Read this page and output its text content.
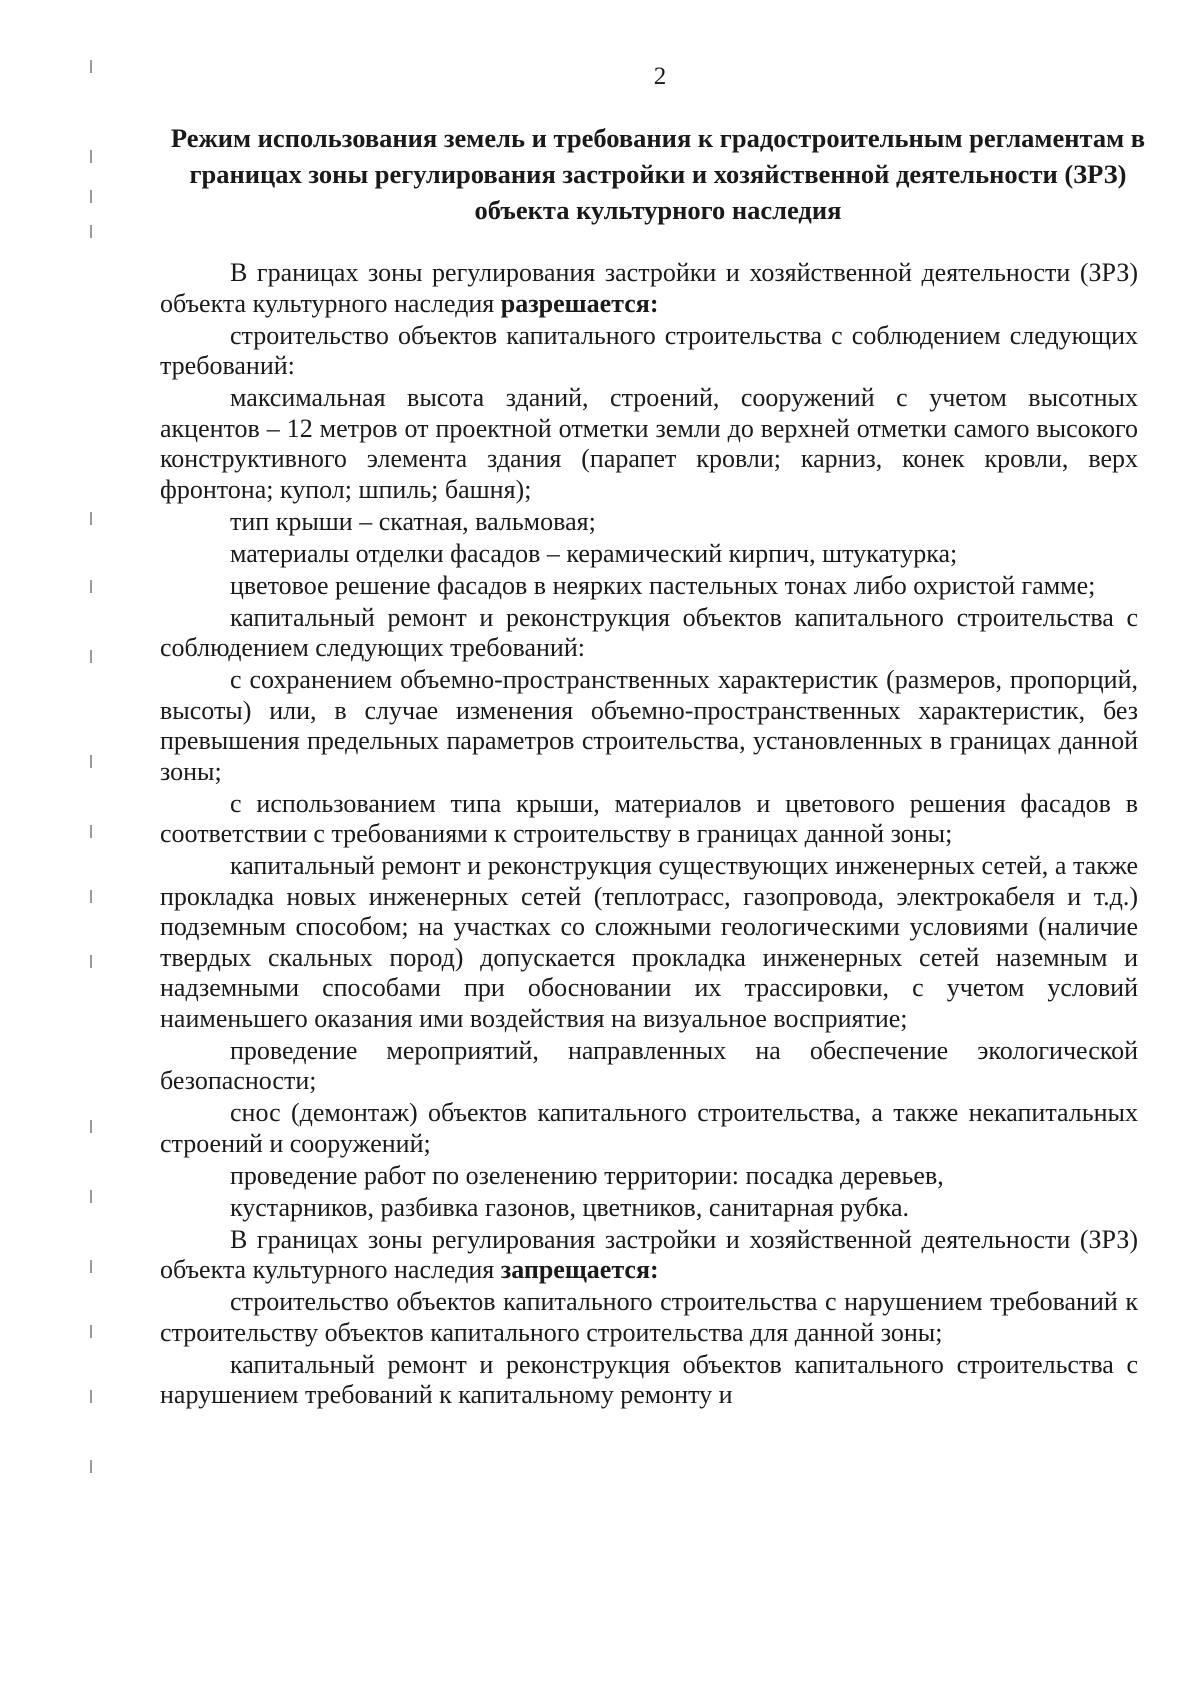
2
Режим использования земель и требования к градостроительным регламентам в границах зоны регулирования застройки и хозяйственной деятельности (ЗРЗ) объекта культурного наследия

В границах зоны регулирования застройки и хозяйственной деятельности (ЗРЗ) объекта культурного наследия разрешается:

строительство объектов капитального строительства с соблюдением следующих требований:

максимальная высота зданий, строений, сооружений с учетом высотных акцентов – 12 метров от проектной отметки земли до верхней отметки самого высокого конструктивного элемента здания (парапет кровли; карниз, конек кровли, верх фронтона; купол; шпиль; башня);

тип крыши – скатная, вальмовая;

материалы отделки фасадов – керамический кирпич, штукатурка;

цветовое решение фасадов в неярких пастельных тонах либо охристой гамме;

капитальный ремонт и реконструкция объектов капитального строительства с соблюдением следующих требований:

с сохранением объемно-пространственных характеристик (размеров, пропорций, высоты) или, в случае изменения объемно-пространственных характеристик, без превышения предельных параметров строительства, установленных в границах данной зоны;

с использованием типа крыши, материалов и цветового решения фасадов в соответствии с требованиями к строительству в границах данной зоны;

капитальный ремонт и реконструкция существующих инженерных сетей, а также прокладка новых инженерных сетей (теплотрасс, газопровода, электрокабеля и т.д.) подземным способом; на участках со сложными геологическими условиями (наличие твердых скальных пород) допускается прокладка инженерных сетей наземным и надземными способами при обосновании их трассировки, с учетом условий наименьшего оказания ими воздействия на визуальное восприятие;

проведение мероприятий, направленных на обеспечение экологической безопасности;

снос (демонтаж) объектов капитального строительства, а также некапитальных строений и сооружений;

проведение работ по озеленению территории: посадка деревьев,

кустарников, разбивка газонов, цветников, санитарная рубка.

В границах зоны регулирования застройки и хозяйственной деятельности (ЗРЗ) объекта культурного наследия запрещается:

строительство объектов капитального строительства с нарушением требований к строительству объектов капитального строительства для данной зоны;

капитальный ремонт и реконструкция объектов капитального строительства с нарушением требований к капитальному ремонту и
